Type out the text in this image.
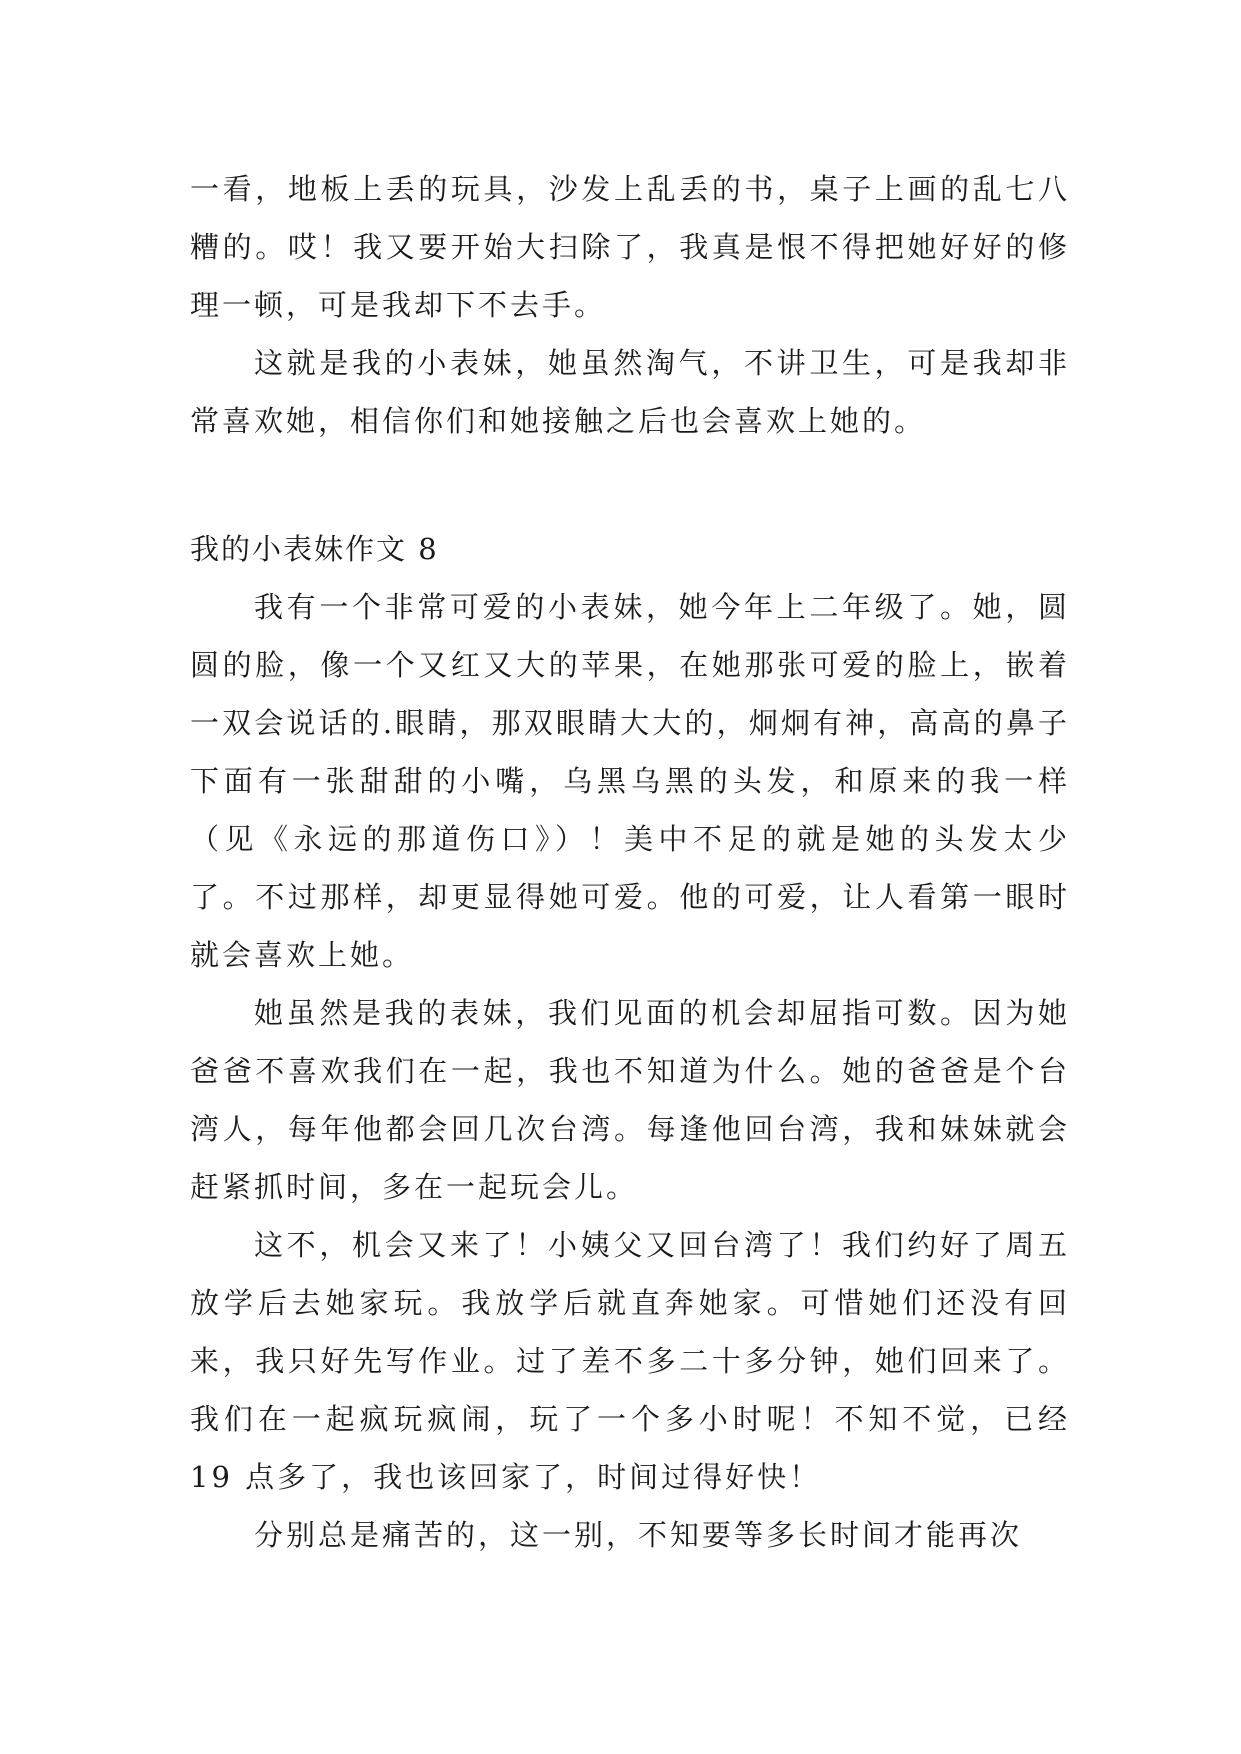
一看，地板上丢的玩具，沙发上乱丢的书，桌子上画的乱七八糟的。哎！我又要开始大扫除了，我真是恨不得把她好好的修理一顿，可是我却下不去手。

这就是我的小表妹，她虽然淘气，不讲卫生，可是我却非常喜欢她，相信你们和她接触之后也会喜欢上她的。

我的小表妹作文 8

我有一个非常可爱的小表妹，她今年上二年级了。她，圆圆的脸，像一个又红又大的苹果，在她那张可爱的脸上，嵌着一双会说话的.眼睛，那双眼睛大大的，炯炯有神，高高的鼻子下面有一张甜甜的小嘴，乌黑乌黑的头发，和原来的我一样（见《永远的那道伤口》）！美中不足的就是她的头发太少了。不过那样，却更显得她可爱。他的可爱，让人看第一眼时就会喜欢上她。

她虽然是我的表妹，我们见面的机会却屈指可数。因为她爸爸不喜欢我们在一起，我也不知道为什么。她的爸爸是个台湾人，每年他都会回几次台湾。每逢他回台湾，我和妹妹就会赶紧抓时间，多在一起玩会儿。

这不，机会又来了！小姨父又回台湾了！我们约好了周五放学后去她家玩。我放学后就直奔她家。可惜她们还没有回来，我只好先写作业。过了差不多二十多分钟，她们回来了。我们在一起疯玩疯闹，玩了一个多小时呢！不知不觉，已经 19 点多了，我也该回家了，时间过得好快！

分别总是痛苦的，这一别，不知要等多长时间才能再次
